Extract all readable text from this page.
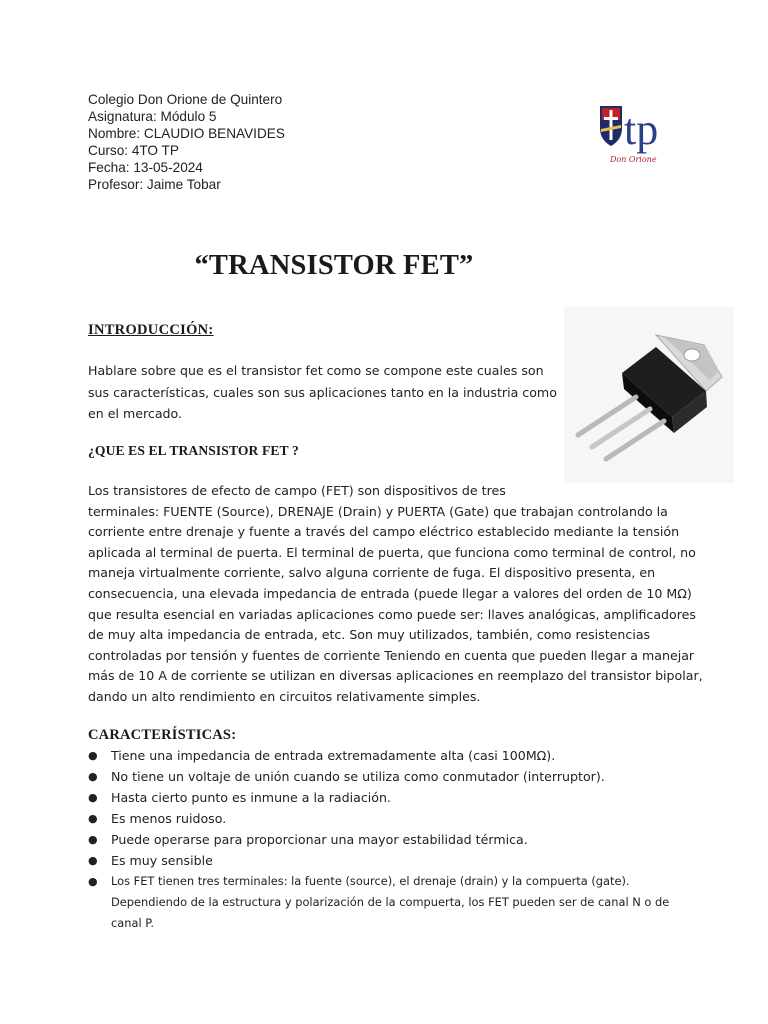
Colegio Don Orione de Quintero
Asignatura: Módulo 5
Nombre: CLAUDIO BENAVIDES
Curso: 4TO TP
Fecha: 13-05-2024
Profesor: Jaime Tobar
tp
Don Orione
“TRANSISTOR FET”
INTRODUCCIÓN:
Hablare sobre que es el transistor fet como se compone este cuales son sus características, cuales son sus aplicaciones tanto en la industria como en el mercado.
¿QUE ES EL TRANSISTOR FET ?
Los transistores de efecto de campo (FET) son dispositivos de tres
terminales: FUENTE (Source), DRENAJE (Drain) y PUERTA (Gate) que trabajan controlando la
corriente entre drenaje y fuente a través del campo eléctrico establecido mediante la tensión
aplicada al terminal de puerta. El terminal de puerta, que funciona como terminal de control, no
maneja virtualmente corriente, salvo alguna corriente de fuga. El dispositivo presenta, en
consecuencia, una elevada impedancia de entrada (puede llegar a valores del orden de 10 MΩ)
que resulta esencial en variadas aplicaciones como puede ser: llaves analógicas, amplificadores
de muy alta impedancia de entrada, etc. Son muy utilizados, también, como resistencias
controladas por tensión y fuentes de corriente Teniendo en cuenta que pueden llegar a manejar
más de 10 A de corriente se utilizan en diversas aplicaciones en reemplazo del transistor bipolar,
dando un alto rendimiento en circuitos relativamente simples.
CARACTERÍSTICAS:
● Tiene una impedancia de entrada extremadamente alta (casi 100MΩ).
● No tiene un voltaje de unión cuando se utiliza como conmutador (interruptor).
● Hasta cierto punto es inmune a la radiación.
● Es menos ruidoso.
● Puede operarse para proporcionar una mayor estabilidad térmica.
● Es muy sensible
● Los FET tienen tres terminales: la fuente (source), el drenaje (drain) y la compuerta (gate). Dependiendo de la estructura y polarización de la compuerta, los FET pueden ser de canal N o de canal P.
